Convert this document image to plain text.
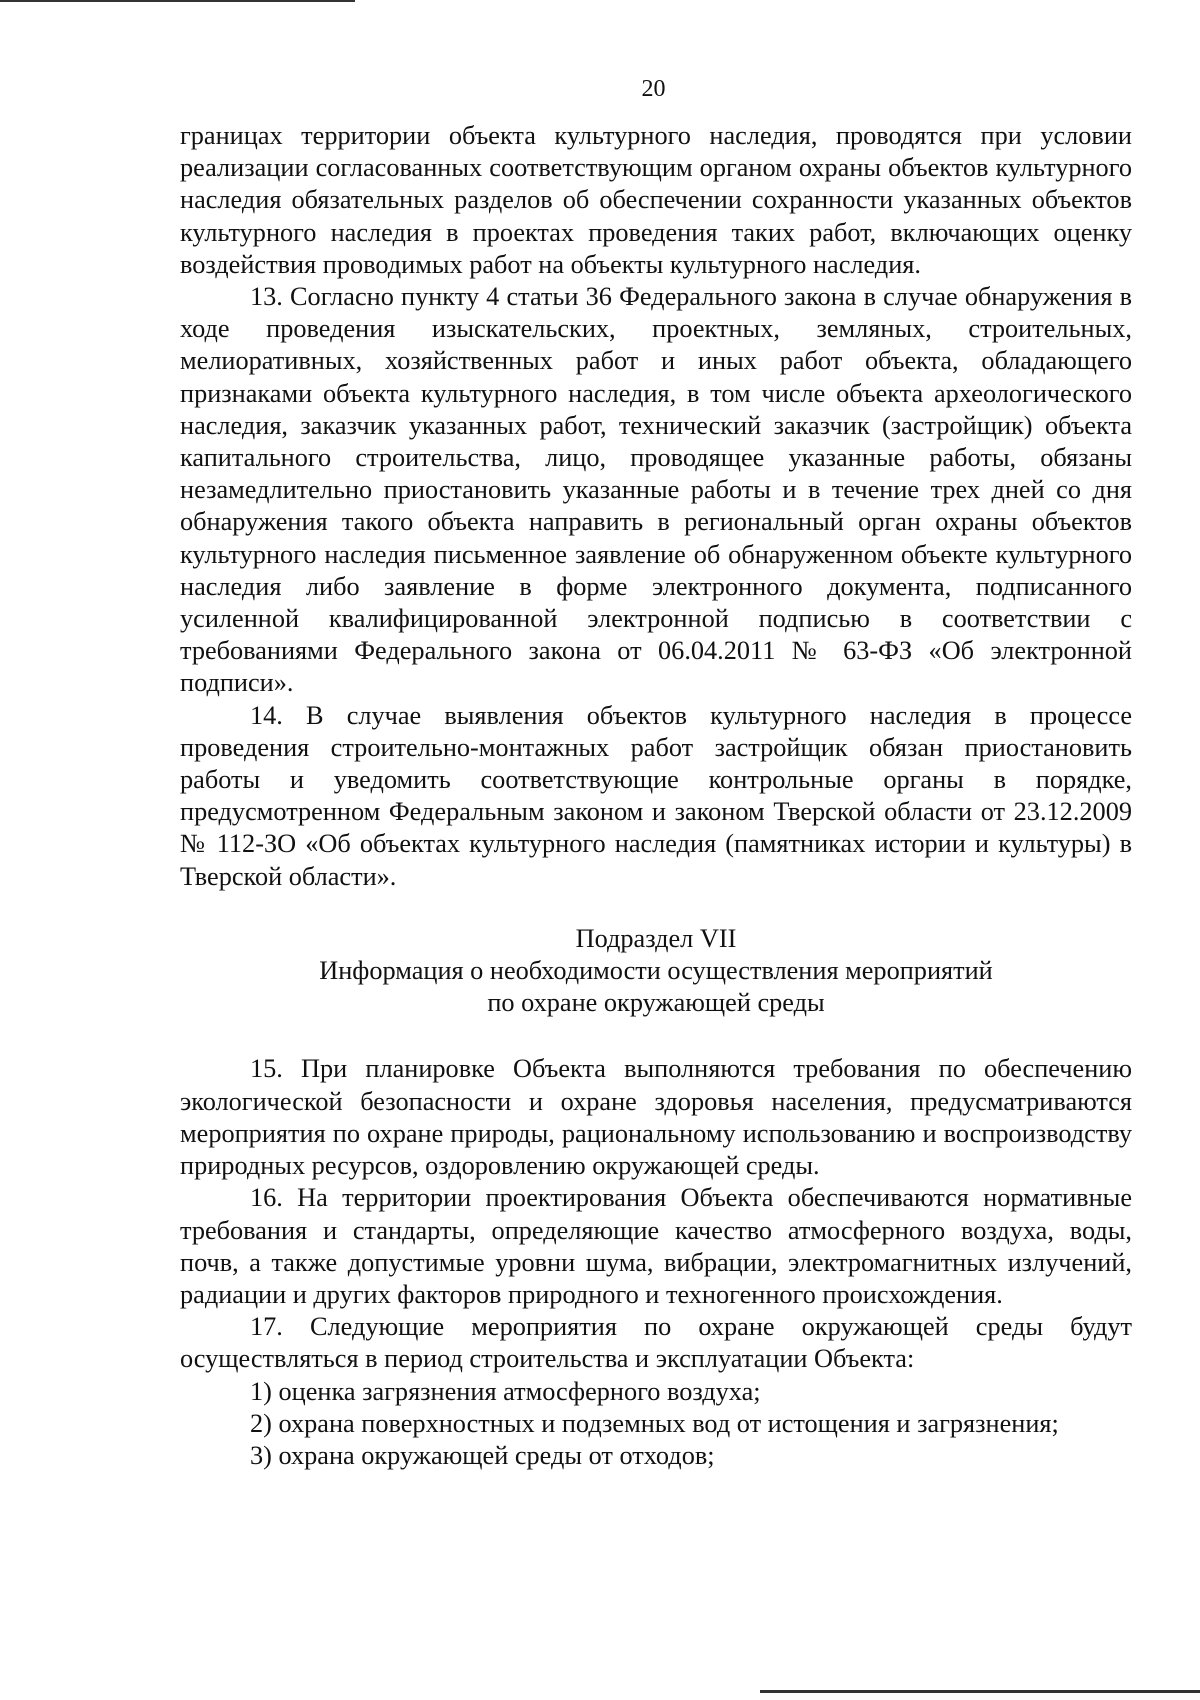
20

границах территории объекта культурного наследия, проводятся при условии реализации согласованных соответствующим органом охраны объектов культурного наследия обязательных разделов об обеспечении сохранности указанных объектов культурного наследия в проектах проведения таких работ, включающих оценку воздействия проводимых работ на объекты культурного наследия.

13. Согласно пункту 4 статьи 36 Федерального закона в случае обнаружения в ходе проведения изыскательских, проектных, земляных, строительных, мелиоративных, хозяйственных работ и иных работ объекта, обладающего признаками объекта культурного наследия, в том числе объекта археологического наследия, заказчик указанных работ, технический заказчик (застройщик) объекта капитального строительства, лицо, проводящее указанные работы, обязаны незамедлительно приостановить указанные работы и в течение трех дней со дня обнаружения такого объекта направить в региональный орган охраны объектов культурного наследия письменное заявление об обнаруженном объекте культурного наследия либо заявление в форме электронного документа, подписанного усиленной квалифицированной электронной подписью в соответствии с требованиями Федерального закона от 06.04.2011 № 63-ФЗ «Об электронной подписи».

14. В случае выявления объектов культурного наследия в процессе проведения строительно-монтажных работ застройщик обязан приостановить работы и уведомить соответствующие контрольные органы в порядке, предусмотренном Федеральным законом и законом Тверской области от 23.12.2009 № 112-ЗО «Об объектах культурного наследия (памятниках истории и культуры) в Тверской области».

Подраздел VII

Информация о необходимости осуществления мероприятий

по охране окружающей среды

15. При планировке Объекта выполняются требования по обеспечению экологической безопасности и охране здоровья населения, предусматриваются мероприятия по охране природы, рациональному использованию и воспроизводству природных ресурсов, оздоровлению окружающей среды.

16. На территории проектирования Объекта обеспечиваются нормативные требования и стандарты, определяющие качество атмосферного воздуха, воды, почв, а также допустимые уровни шума, вибрации, электромагнитных излучений, радиации и других факторов природного и техногенного происхождения.

17. Следующие мероприятия по охране окружающей среды будут осуществляться в период строительства и эксплуатации Объекта:

1) оценка загрязнения атмосферного воздуха;

2) охрана поверхностных и подземных вод от истощения и загрязнения;

3) охрана окружающей среды от отходов;
